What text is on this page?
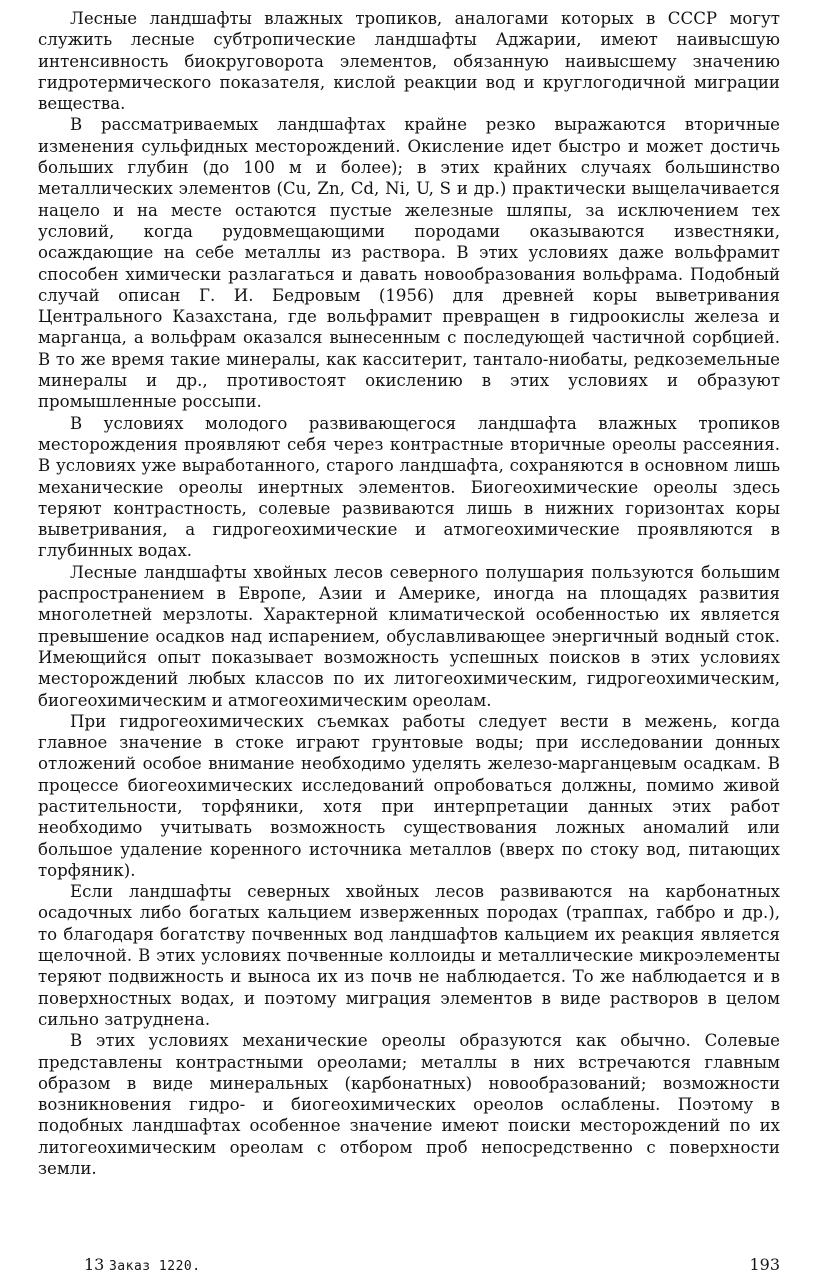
Лесные ландшафты влажных тропиков, аналогами которых в СССР могут служить лесные субтропические ландшафты Аджарии, имеют наивысшую интенсивность биокруговорота элементов, обязанную наивысшему значению гидротермического показателя, кислой реакции вод и круглогодичной миграции вещества.

В рассматриваемых ландшафтах крайне резко выражаются вторичные изменения сульфидных месторождений. Окисление идет быстро и может достичь больших глубин (до 100 м и более); в этих крайних случаях большинство металлических элементов (Cu, Zn, Cd, Ni, U, S и др.) практически выщелачивается нацело и на месте остаются пустые железные шляпы, за исключением тех условий, когда рудовмещающими породами оказываются известняки, осаждающие на себе металлы из раствора. В этих условиях даже вольфрамит способен химически разлагаться и давать новообразования вольфрама. Подобный случай описан Г. И. Бедровым (1956) для древней коры выветривания Центрального Казахстана, где вольфрамит превращен в гидроокислы железа и марганца, а вольфрам оказался вынесенным с последующей частичной сорбцией. В то же время такие минералы, как касситерит, тантало-ниобаты, редкоземельные минералы и др., противостоят окислению в этих условиях и образуют промышленные россыпи.

В условиях молодого развивающегося ландшафта влажных тропиков месторождения проявляют себя через контрастные вторичные ореолы рассеяния. В условиях уже выработанного, старого ландшафта, сохраняются в основном лишь механические ореолы инертных элементов. Биогеохимические ореолы здесь теряют контрастность, солевые развиваются лишь в нижних горизонтах коры выветривания, а гидрогеохимические и атмогеохимические проявляются в глубинных водах.

Лесные ландшафты хвойных лесов северного полушария пользуются большим распространением в Европе, Азии и Америке, иногда на площадях развития многолетней мерзлоты. Характерной климатической особенностью их является превышение осадков над испарением, обуславливающее энергичный водный сток. Имеющийся опыт показывает возможность успешных поисков в этих условиях месторождений любых классов по их литогеохимическим, гидрогеохимическим, биогеохимическим и атмогеохимическим ореолам.

При гидрогеохимических съемках работы следует вести в межень, когда главное значение в стоке играют грунтовые воды; при исследовании донных отложений особое внимание необходимо уделять железо-марганцевым осадкам. В процессе биогеохимических исследований опробоваться должны, помимо живой растительности, торфяники, хотя при интерпретации данных этих работ необходимо учитывать возможность существования ложных аномалий или большое удаление коренного источника металлов (вверх по стоку вод, питающих торфяник).

Если ландшафты северных хвойных лесов развиваются на карбонатных осадочных либо богатых кальцием изверженных породах (траппах, габбро и др.), то благодаря богатству почвенных вод ландшафтов кальцием их реакция является щелочной. В этих условиях почвенные коллоиды и металлические микроэлементы теряют подвижность и выноса их из почв не наблюдается. То же наблюдается и в поверхностных водах, и поэтому миграция элементов в виде растворов в целом сильно затруднена.

В этих условиях механические ореолы образуются как обычно. Солевые представлены контрастными ореолами; металлы в них встречаются главным образом в виде минеральных (карбонатных) новообразований; возможности возникновения гидро- и биогеохимических ореолов ослаблены. Поэтому в подобных ландшафтах особенное значение имеют поиски месторождений по их литогеохимическим ореолам с отбором проб непосредственно с поверхности земли.

13 Заказ 1220.	193
